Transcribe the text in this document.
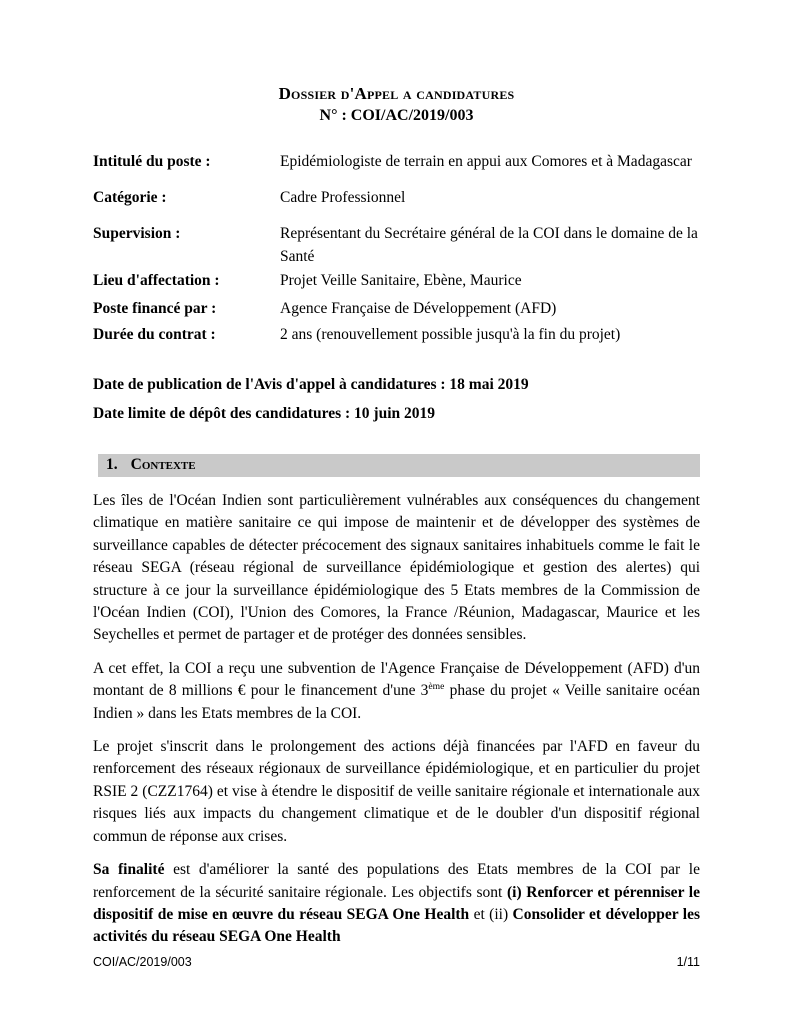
Dossier d'Appel a candidatures
N° : COI/AC/2019/003
Intitulé du poste :	Epidémiologiste de terrain en appui aux Comores et à Madagascar
Catégorie :	Cadre Professionnel
Supervision :	Représentant du Secrétaire général de la COI dans le domaine de la Santé
Lieu d'affectation :	Projet Veille Sanitaire, Ebène, Maurice
Poste financé par :	Agence Française de Développement (AFD)
Durée du contrat :	2 ans (renouvellement possible jusqu'à la fin du projet)

Date de publication de l'Avis d'appel à candidatures : 18 mai 2019

Date limite de dépôt des candidatures : 10 juin 2019

1. Contexte

Les îles de l'Océan Indien sont particulièrement vulnérables aux conséquences du changement climatique en matière sanitaire ce qui impose de maintenir et de développer des systèmes de surveillance capables de détecter précocement des signaux sanitaires inhabituels comme le fait le réseau SEGA (réseau régional de surveillance épidémiologique et gestion des alertes) qui structure à ce jour la surveillance épidémiologique des 5 Etats membres de la Commission de l'Océan Indien (COI), l'Union des Comores, la France /Réunion, Madagascar, Maurice et les Seychelles et permet de partager et de protéger des données sensibles.

A cet effet, la COI a reçu une subvention de l'Agence Française de Développement (AFD) d'un montant de 8 millions € pour le financement d'une 3ème phase du projet « Veille sanitaire océan Indien » dans les Etats membres de la COI.

Le projet s'inscrit dans le prolongement des actions déjà financées par l'AFD en faveur du renforcement des réseaux régionaux de surveillance épidémiologique, et en particulier du projet RSIE 2 (CZZ1764) et vise à étendre le dispositif de veille sanitaire régionale et internationale aux risques liés aux impacts du changement climatique et de le doubler d'un dispositif régional commun de réponse aux crises.

Sa finalité est d'améliorer la santé des populations des Etats membres de la COI par le renforcement de la sécurité sanitaire régionale. Les objectifs sont (i) Renforcer et pérenniser le dispositif de mise en œuvre du réseau SEGA One Health et (ii) Consolider et développer les activités du réseau SEGA One Health

COI/AC/2019/003	1/11
